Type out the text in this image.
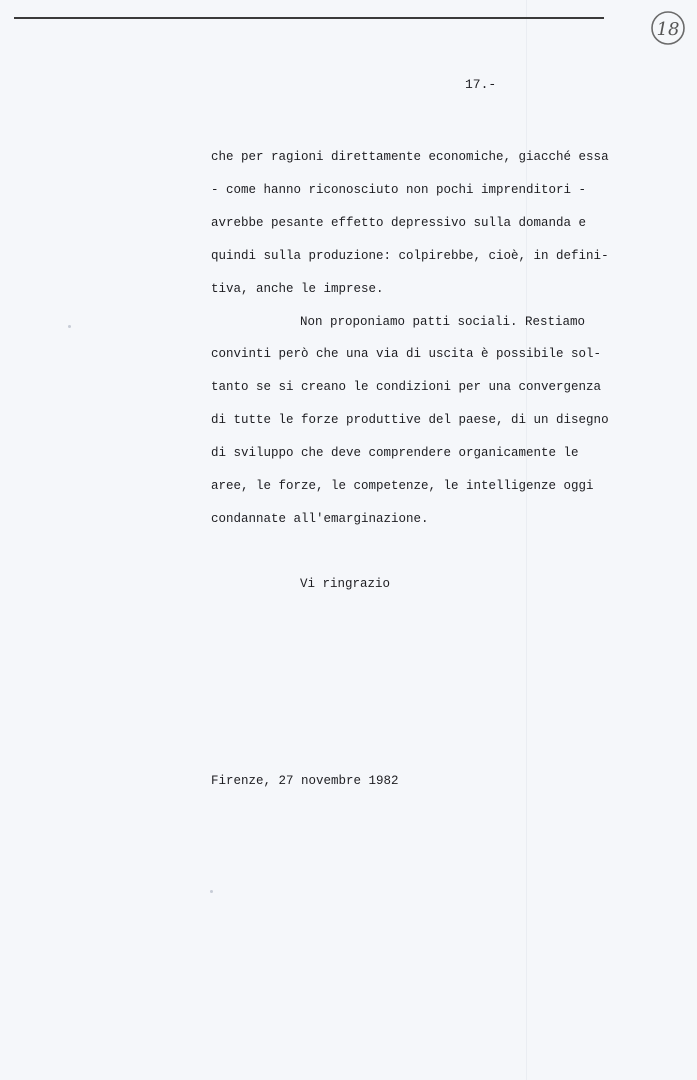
18
17.-
che per ragioni direttamente economiche, giacché essa
- come hanno riconosciuto non pochi imprenditori -
avrebbe pesante effetto depressivo sulla domanda e
quindi sulla produzione: colpirebbe, cioè, in defini-
tiva, anche le imprese.
Non proponiamo patti sociali. Restiamo
convinti però che una via di uscita è possibile sol-
tanto se si creano le condizioni per una convergenza
di tutte le forze produttive del paese, di un disegno
di sviluppo che deve comprendere organicamente le
aree, le forze, le competenze, le intelligenze oggi
condannate all'emarginazione.
Vi ringrazio
Firenze, 27 novembre 1982
